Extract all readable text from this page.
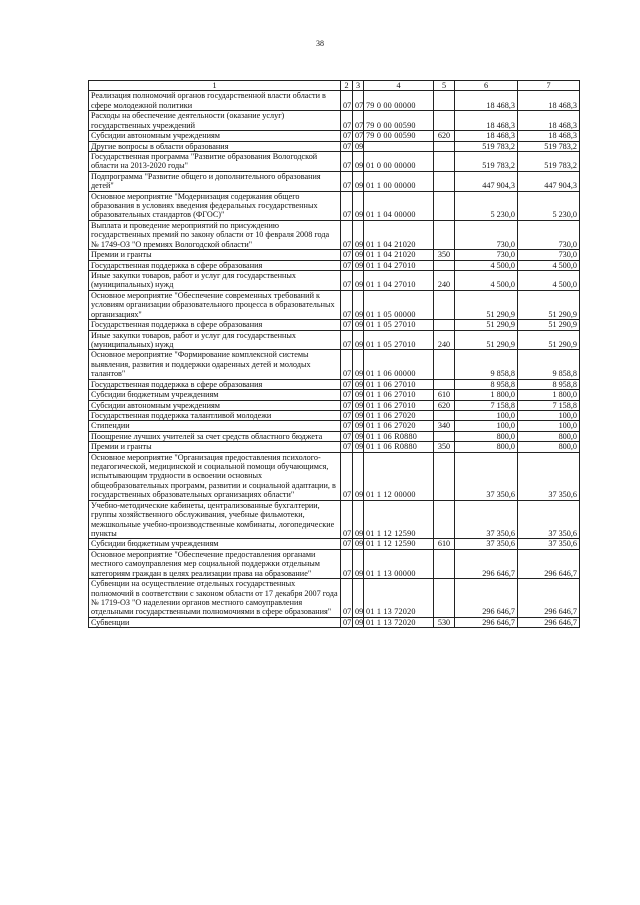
38
1	2	3	4	5	6	7
Реализация полномочий органов государственной власти области в сфере молодежной политики	07	07	79 0 00 00000		18 468,3	18 468,3
Расходы на обеспечение деятельности (оказание услуг) государственных учреждений	07	07	79 0 00 00590		18 468,3	18 468,3
Субсидии автономным учреждениям	07	07	79 0 00 00590	620	18 468,3	18 468,3
Другие вопросы в области образования	07	09			519 783,2	519 783,2
Государственная программа "Развитие образования Вологодской области на 2013-2020 годы"	07	09	01 0 00 00000		519 783,2	519 783,2
Подпрограмма "Развитие общего и дополнительного образования детей"	07	09	01 1 00 00000		447 904,3	447 904,3
Основное мероприятие "Модернизация содержания общего образования в условиях введения федеральных государственных образовательных стандартов (ФГОС)"	07	09	01 1 04 00000		5 230,0	5 230,0
Выплата и проведение мероприятий по присуждению государственных премий по закону области от 10 февраля 2008 года № 1749-ОЗ "О премиях Вологодской области"	07	09	01 1 04 21020		730,0	730,0
Премии и гранты	07	09	01 1 04 21020	350	730,0	730,0
Государственная поддержка в сфере образования	07	09	01 1 04 27010		4 500,0	4 500,0
Иные закупки товаров, работ и услуг для государственных (муниципальных) нужд	07	09	01 1 04 27010	240	4 500,0	4 500,0
Основное мероприятие "Обеспечение современных требований к условиям организации образовательного процесса в образовательных организациях"	07	09	01 1 05 00000		51 290,9	51 290,9
Государственная поддержка в сфере образования	07	09	01 1 05 27010		51 290,9	51 290,9
Иные закупки товаров, работ и услуг для государственных (муниципальных) нужд	07	09	01 1 05 27010	240	51 290,9	51 290,9
Основное мероприятие "Формирование комплексной системы выявления, развития и поддержки одаренных детей и молодых талантов"	07	09	01 1 06 00000		9 858,8	9 858,8
Государственная поддержка в сфере образования	07	09	01 1 06 27010		8 958,8	8 958,8
Субсидии бюджетным учреждениям	07	09	01 1 06 27010	610	1 800,0	1 800,0
Субсидии автономным учреждениям	07	09	01 1 06 27010	620	7 158,8	7 158,8
Государственная поддержка талантливой молодежи	07	09	01 1 06 27020		100,0	100,0
Стипендии	07	09	01 1 06 27020	340	100,0	100,0
Поощрение лучших учителей за счет средств областного бюджета	07	09	01 1 06 R0880		800,0	800,0
Премии и гранты	07	09	01 1 06 R0880	350	800,0	800,0
Основное мероприятие "Организация предоставления психолого-педагогической, медицинской и социальной помощи обучающимся, испытывающим трудности в освоении основных общеобразовательных программ, развитии и социальной адаптации, в государственных образовательных организациях области"	07	09	01 1 12 00000		37 350,6	37 350,6
Учебно-методические кабинеты, централизованные бухгалтерии, группы хозяйственного обслуживания, учебные фильмотеки, межшкольные учебно-производственные комбинаты, логопедические пункты	07	09	01 1 12 12590		37 350,6	37 350,6
Субсидии бюджетным учреждениям	07	09	01 1 12 12590	610	37 350,6	37 350,6
Основное мероприятие "Обеспечение предоставления органами местного самоуправления мер социальной поддержки отдельным категориям граждан в целях реализации права на образование"	07	09	01 1 13 00000		296 646,7	296 646,7
Субвенции на осуществление отдельных государственных полномочий в соответствии с законом области от 17 декабря 2007 года № 1719-ОЗ "О наделении органов местного самоуправления отдельными государственными полномочиями в сфере образования"	07	09	01 1 13 72020		296 646,7	296 646,7
Субвенции	07	09	01 1 13 72020	530	296 646,7	296 646,7
